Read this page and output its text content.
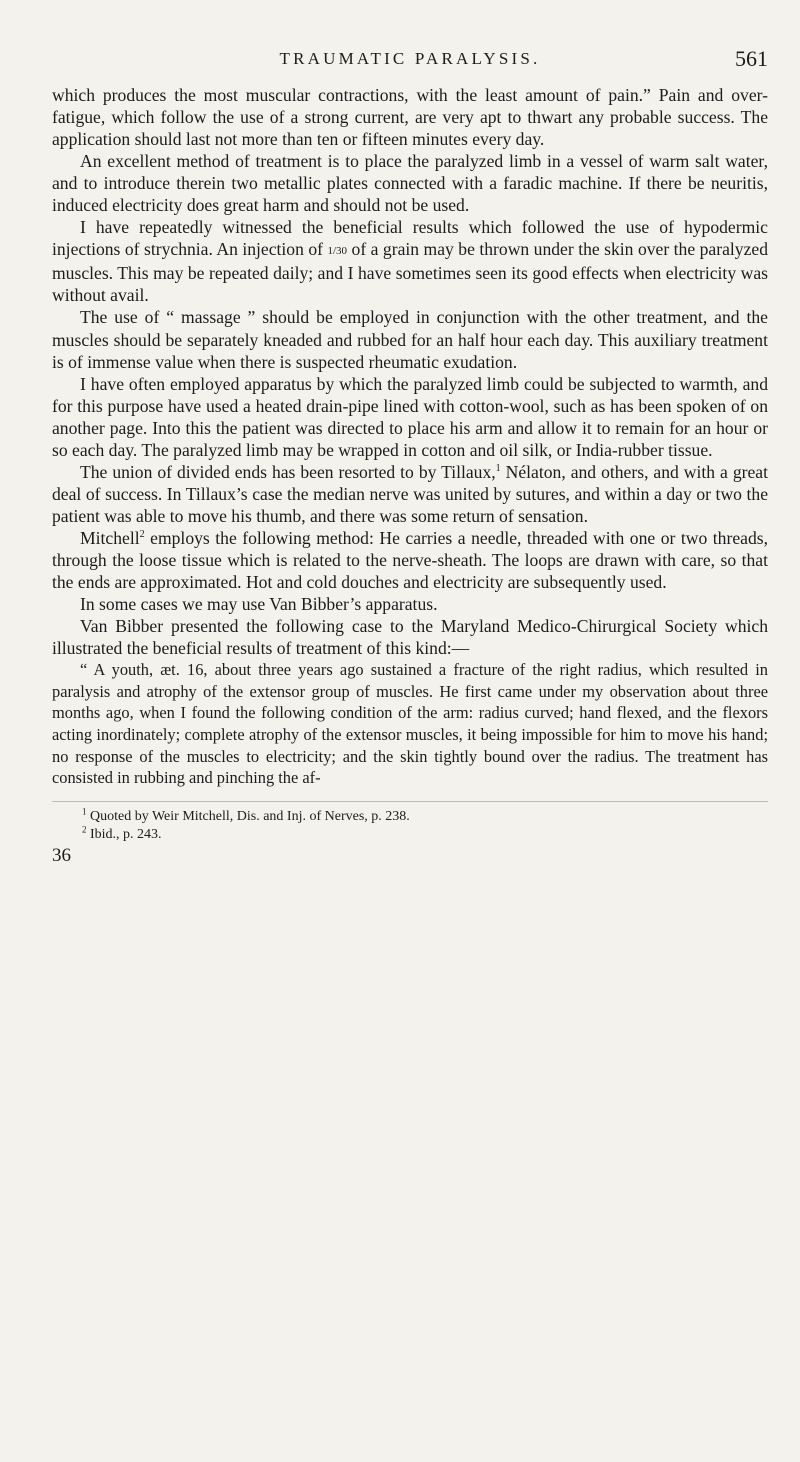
TRAUMATIC PARALYSIS.	561

which produces the most muscular contractions, with the least amount of pain.” Pain and over-fatigue, which follow the use of a strong current, are very apt to thwart any probable success. The application should last not more than ten or fifteen minutes every day.

An excellent method of treatment is to place the paralyzed limb in a vessel of warm salt water, and to introduce therein two metallic plates connected with a faradic machine. If there be neuritis, induced electricity does great harm and should not be used.

I have repeatedly witnessed the beneficial results which followed the use of hypodermic injections of strychnia. An injection of 1/30 of a grain may be thrown under the skin over the paralyzed muscles. This may be repeated daily; and I have sometimes seen its good effects when electricity was without avail.

The use of “ massage ” should be employed in conjunction with the other treatment, and the muscles should be separately kneaded and rubbed for an half hour each day. This auxiliary treatment is of immense value when there is suspected rheumatic exudation.

I have often employed apparatus by which the paralyzed limb could be subjected to warmth, and for this purpose have used a heated drain-pipe lined with cotton-wool, such as has been spoken of on another page. Into this the patient was directed to place his arm and allow it to remain for an hour or so each day. The paralyzed limb may be wrapped in cotton and oil silk, or India-rubber tissue.

The union of divided ends has been resorted to by Tillaux,$^1$ Nélaton, and others, and with a great deal of success. In Tillaux’s case the median nerve was united by sutures, and within a day or two the patient was able to move his thumb, and there was some return of sensation.

Mitchell$^2$ employs the following method: He carries a needle, threaded with one or two threads, through the loose tissue which is related to the nerve-sheath. The loops are drawn with care, so that the ends are approximated. Hot and cold douches and electricity are subsequently used.

In some cases we may use Van Bibber’s apparatus.

Van Bibber presented the following case to the Maryland Medico-Chirurgical Society which illustrated the beneficial results of treatment of this kind:—

“ A youth, æt. 16, about three years ago sustained a fracture of the right radius, which resulted in paralysis and atrophy of the extensor group of muscles. He first came under my observation about three months ago, when I found the following condition of the arm: radius curved; hand flexed, and the flexors acting inordinately; complete atrophy of the extensor muscles, it being impossible for him to move his hand; no response of the muscles to electricity; and the skin tightly bound over the radius. The treatment has consisted in rubbing and pinching the af-

$^1$ Quoted by Weir Mitchell, Dis. and Inj. of Nerves, p. 238.
$^2$ Ibid., p. 243.
36
